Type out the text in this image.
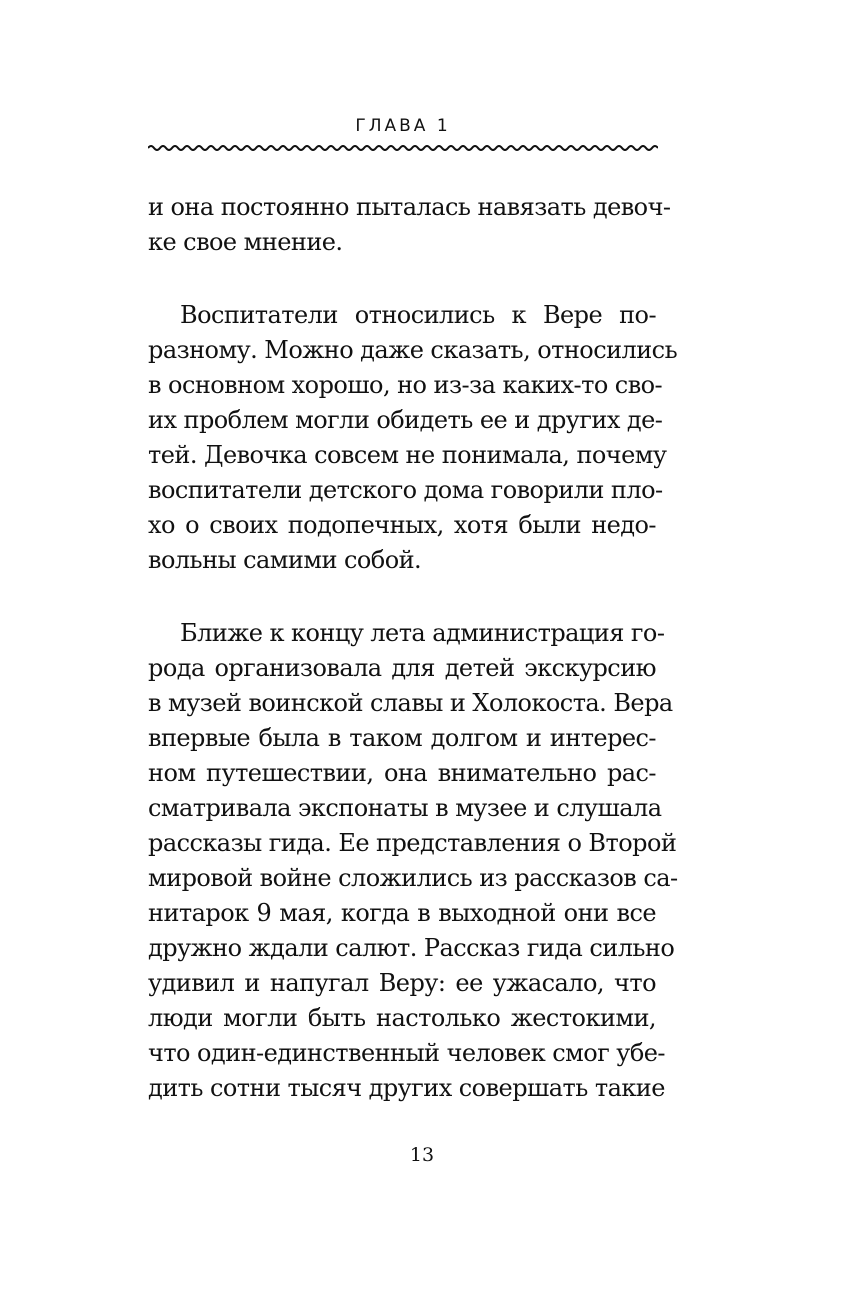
ГЛАВА 1
и она постоянно пыталась навязать девоч-
ке свое мнение.
Воспитатели относились к Вере по-
разному. Можно даже сказать, относились
в основном хорошо, но из-за каких-то сво-
их проблем могли обидеть ее и других де-
тей. Девочка совсем не понимала, почему
воспитатели детского дома говорили пло-
хо о своих подопечных, хотя были недо-
вольны самими собой.
Ближе к концу лета администрация го-
рода организовала для детей экскурсию
в музей воинской славы и Холокоста. Вера
впервые была в таком долгом и интерес-
ном путешествии, она внимательно рас-
сматривала экспонаты в музее и слушала
рассказы гида. Ее представления о Второй
мировой войне сложились из рассказов са-
нитарок 9 мая, когда в выходной они все
дружно ждали салют. Рассказ гида сильно
удивил и напугал Веру: ее ужасало, что
люди могли быть настолько жестокими,
что один-единственный человек смог убе-
дить сотни тысяч других совершать такие
13
